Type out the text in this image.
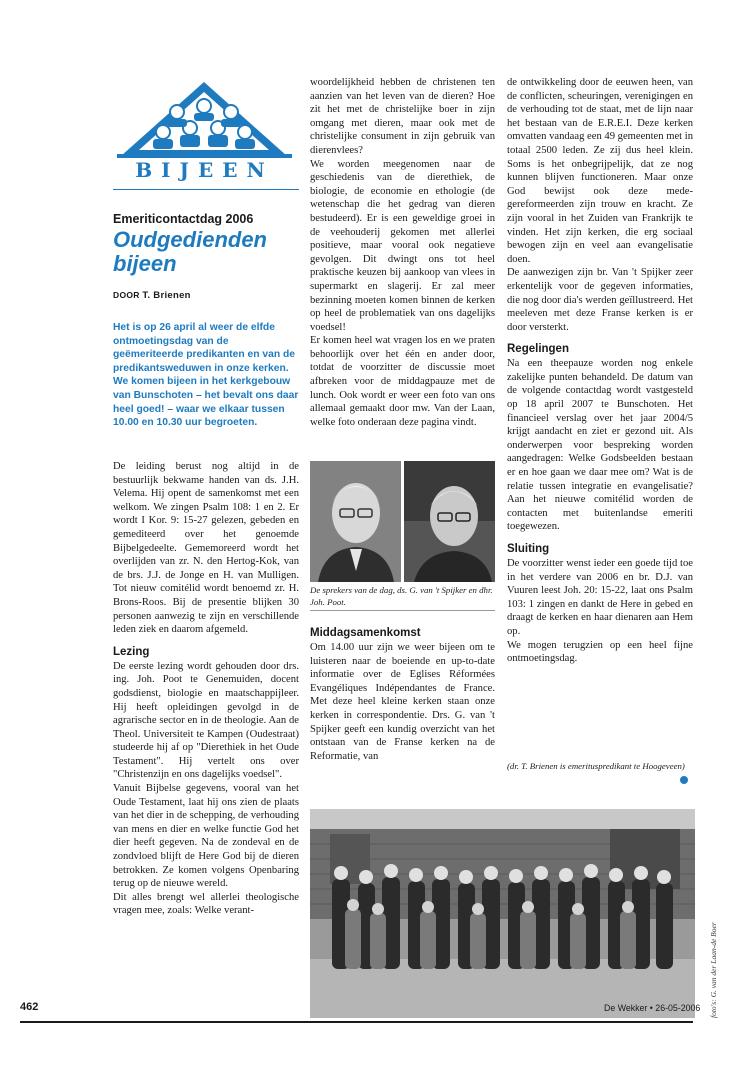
BIJEEN
Emeriticontactdag 2006
Oudgedienden bijeen
DOOR T. Brienen
Het is op 26 april al weer de elfde ontmoetingsdag van de geëmeriteerde predikanten en van de predikantsweduwen in onze kerken. We komen bijeen in het kerkgebouw van Bunschoten – het bevalt ons daar heel goed! – waar we elkaar tussen 10.00 en 10.30 uur begroeten.

De leiding berust nog altijd in de bestuurlijk bekwame handen van ds. J.H. Velema. Hij opent de samenkomst met een welkom. We zingen Psalm 108: 1 en 2. Er wordt I Kor. 9: 15-27 gelezen, gebeden en gemediteerd over het genoemde Bijbelgedeelte. Gememoreerd wordt het overlijden van zr. N. den Hertog-Kok, van de brs. J.J. de Jonge en H. van Mulligen. Tot nieuw comitélid wordt benoemd zr. H. Brons-Roos. Bij de presentie blijken 30 personen aanwezig te zijn en verschillende leden ziek en daarom afgemeld.

Lezing

De eerste lezing wordt gehouden door drs. ing. Joh. Poot te Genemuiden, docent godsdienst, biologie en maatschappijleer. Hij heeft opleidingen gevolgd in de agrarische sector en in de theologie. Aan de Theol. Universiteit te Kampen (Oudestraat) studeerde hij af op "Dierethiek in het Oude Testament". Hij vertelt ons over "Christenzijn en ons dagelijks voedsel".

Vanuit Bijbelse gegevens, vooral van het Oude Testament, laat hij ons zien de plaats van het dier in de schepping, de verhouding van mens en dier en welke functie God het dier heeft gegeven. Na de zondeval en de zondvloed blijft de Here God bij de dieren betrokken. Ze komen volgens Openbaring terug op de nieuwe wereld.

Dit alles brengt wel allerlei theologische vragen mee, zoals: Welke verant-

woordelijkheid hebben de christenen ten aanzien van het leven van de dieren? Hoe zit het met de christelijke boer in zijn omgang met dieren, maar ook met de christelijke consument in zijn gebruik van dierenvlees?

We worden meegenomen naar de geschiedenis van de dierethiek, de biologie, de economie en ethologie (de wetenschap die het gedrag van dieren bestudeerd). Er is een geweldige groei in de veehouderij gekomen met allerlei positieve, maar vooral ook negatieve gevolgen. Dit dwingt ons tot heel praktische keuzen bij aankoop van vlees in supermarkt en slagerij. Er zal meer bezinning moeten komen binnen de kerken op heel de problematiek van ons dagelijks voedsel!

Er komen heel wat vragen los en we praten behoorlijk over het één en ander door, totdat de voorzitter de discussie moet afbreken voor de middagpauze met de lunch. Ook wordt er weer een foto van ons allemaal gemaakt door mw. Van der Laan, welke foto onderaan deze pagina vindt.

De sprekers van de dag, ds. G. van 't Spijker en dhr. Joh. Poot.
Middagsamenkomst

Om 14.00 uur zijn we weer bijeen om te luisteren naar de boeiende en up-to-date informatie over de Eglises Réformées Evangéliques Indépendantes de France. Met deze heel kleine kerken staan onze kerken in correspondentie. Drs. G. van 't Spijker geeft een kundig overzicht van het ontstaan van de Franse kerken na de Reformatie, van

de ontwikkeling door de eeuwen heen, van de conflicten, scheuringen, verenigingen en de verhouding tot de staat, met de lijn naar het bestaan van de E.R.E.I. Deze kerken omvatten vandaag een 49 gemeenten met in totaal 2500 leden. Ze zij dus heel klein. Soms is het onbegrijpelijk, dat ze nog kunnen blijven functioneren. Maar onze God bewijst ook deze mede-gereformeerden zijn trouw en kracht. Ze zijn vooral in het Zuiden van Frankrijk te vinden. Het zijn kerken, die erg sociaal bewogen zijn en veel aan evangelisatie doen.

De aanwezigen zijn br. Van 't Spijker zeer erkentelijk voor de gegeven informaties, die nog door dia's werden geïllustreerd. Het meeleven met deze Franse kerken is er door versterkt.

Regelingen

Na een theepauze worden nog enkele zakelijke punten behandeld. De datum van de volgende contactdag wordt vastgesteld op 18 april 2007 te Bunschoten. Het financieel verslag over het jaar 2004/5 krijgt aandacht en ziet er gezond uit. Als onderwerpen voor bespreking worden aangedragen: Welke Godsbeelden bestaan er en hoe gaan we daar mee om? Wat is de relatie tussen integratie en evangelisatie? Aan het nieuwe comitélid worden de contacten met buitenlandse emeriti toegewezen.

Sluiting

De voorzitter wenst ieder een goede tijd toe in het verdere van 2006 en br. D.J. van Vuuren leest Joh. 20: 15-22, laat ons Psalm 103: 1 zingen en dankt de Here in gebed en draagt de kerken en haar dienaren aan Hem op.

We mogen terugzien op een heel fijne ontmoetingsdag.

(dr. T. Brienen is emerituspredikant te Hoogeveen)
foto's: G. van der Laan-de Boer
462	De Wekker • 26-05-2006
